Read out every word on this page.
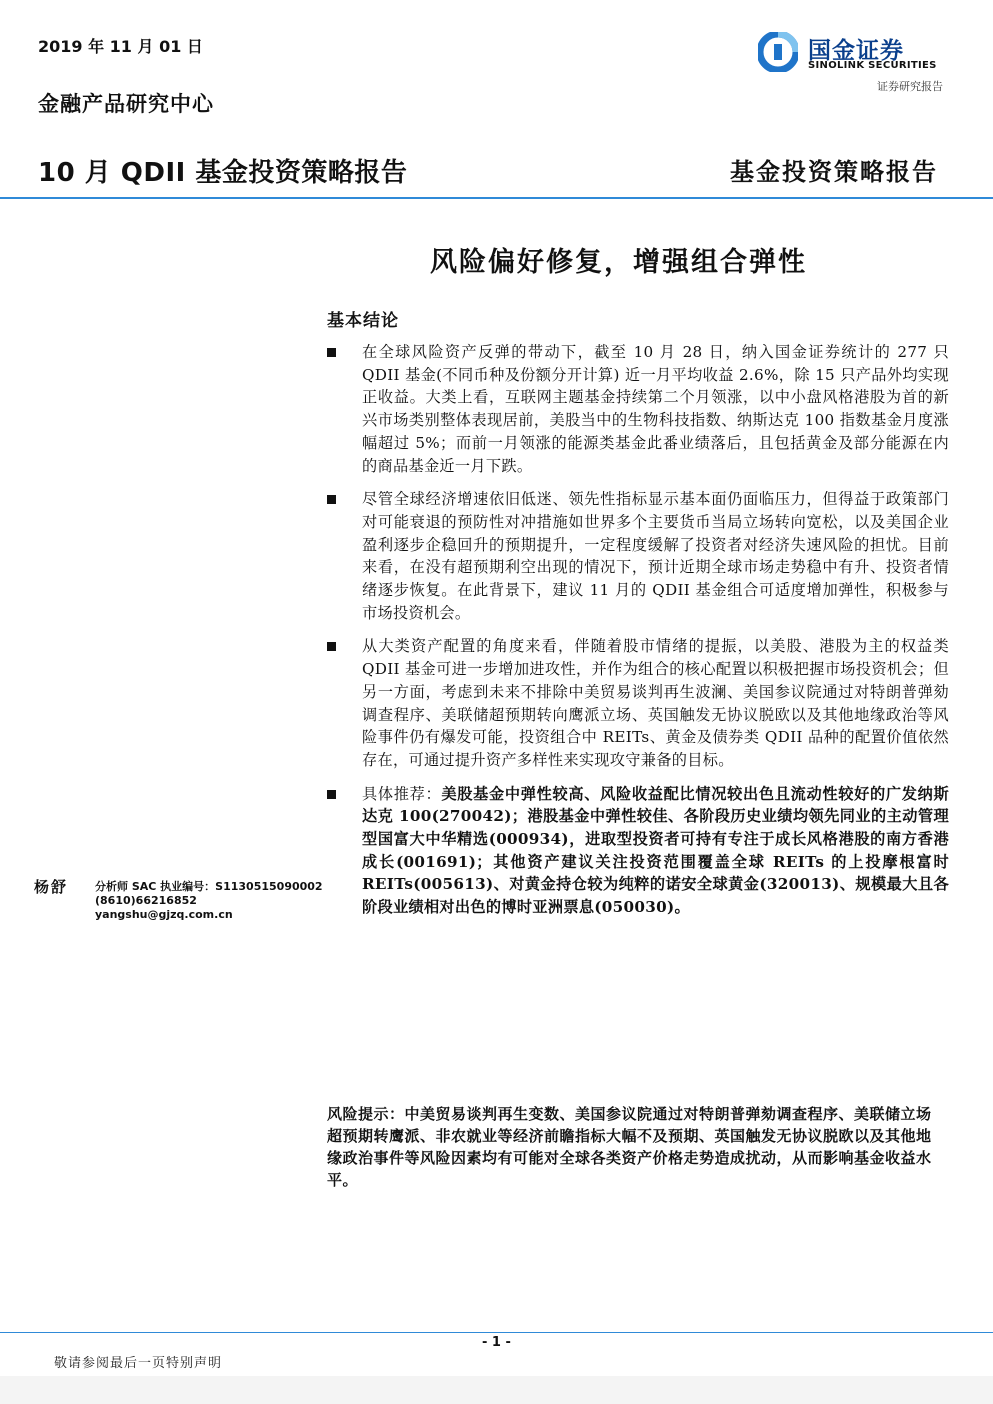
2019 年 11 月 01 日
金融产品研究中心
国金证券
SINOLINK SECURITIES
证券研究报告
10 月 QDII 基金投资策略报告	基金投资策略报告
风险偏好修复，增强组合弹性
基本结论
在全球风险资产反弹的带动下，截至 10 月 28 日，纳入国金证券统计的 277 只 QDII 基金(不同币种及份额分开计算) 近一月平均收益 2.6%，除 15 只产品外均实现正收益。大类上看，互联网主题基金持续第二个月领涨，以中小盘风格港股为首的新兴市场类别整体表现居前，美股当中的生物科技指数、纳斯达克 100 指数基金月度涨幅超过 5%；而前一月领涨的能源类基金此番业绩落后，且包括黄金及部分能源在内的商品基金近一月下跌。
尽管全球经济增速依旧低迷、领先性指标显示基本面仍面临压力，但得益于政策部门对可能衰退的预防性对冲措施如世界多个主要货币当局立场转向宽松，以及美国企业盈利逐步企稳回升的预期提升，一定程度缓解了投资者对经济失速风险的担忧。目前来看，在没有超预期利空出现的情况下，预计近期全球市场走势稳中有升、投资者情绪逐步恢复。在此背景下，建议 11 月的 QDII 基金组合可适度增加弹性，积极参与市场投资机会。
从大类资产配置的角度来看，伴随着股市情绪的提振，以美股、港股为主的权益类 QDII 基金可进一步增加进攻性，并作为组合的核心配置以积极把握市场投资机会；但另一方面，考虑到未来不排除中美贸易谈判再生波澜、美国参议院通过对特朗普弹劾调查程序、美联储超预期转向鹰派立场、英国触发无协议脱欧以及其他地缘政治等风险事件仍有爆发可能，投资组合中 REITs、黄金及债券类 QDII 品种的配置价值依然存在，可通过提升资产多样性来实现攻守兼备的目标。
具体推荐：美股基金中弹性较高、风险收益配比情况较出色且流动性较好的广发纳斯达克 100(270042)；港股基金中弹性较佳、各阶段历史业绩均领先同业的主动管理型国富大中华精选(000934)，进取型投资者可持有专注于成长风格港股的南方香港成长(001691)；其他资产建议关注投资范围覆盖全球 REITs 的上投摩根富时 REITs(005613)、对黄金持仓较为纯粹的诺安全球黄金(320013)、规模最大且各阶段业绩相对出色的博时亚洲票息(050030)。
杨舒 分析师 SAC 执业编号：S1130515090002
(8610)66216852
yangshu@gjzq.com.cn
风险提示：中美贸易谈判再生变数、美国参议院通过对特朗普弹劾调查程序、美联储立场超预期转鹰派、非农就业等经济前瞻指标大幅不及预期、英国触发无协议脱欧以及其他地缘政治事件等风险因素均有可能对全球各类资产价格走势造成扰动，从而影响基金收益水平。
- 1 -
敬请参阅最后一页特别声明
